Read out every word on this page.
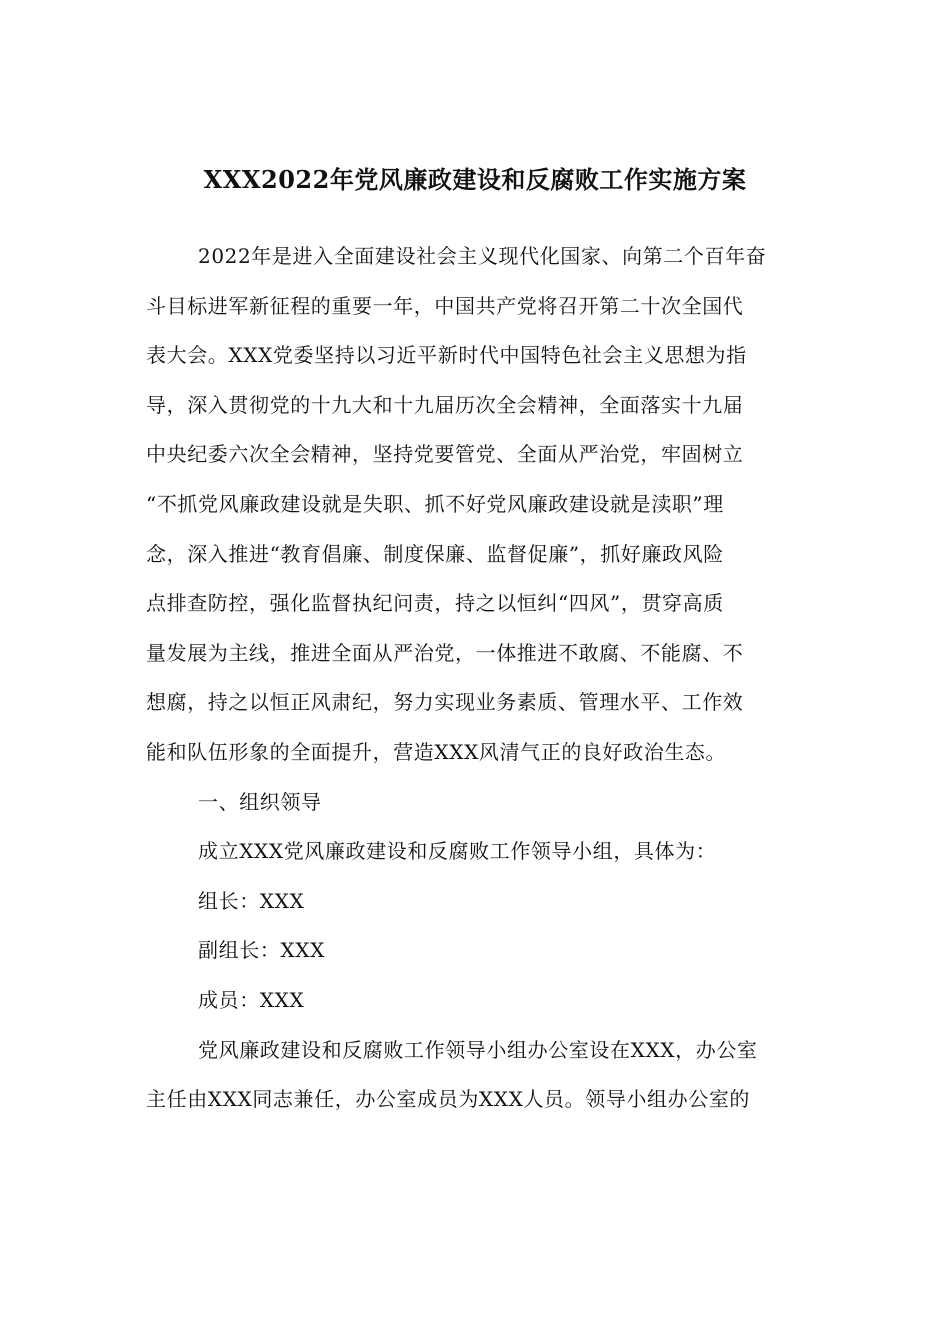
XXX2022年党风廉政建设和反腐败工作实施方案
2022年是进入全面建设社会主义现代化国家、向第二个百年奋
斗目标进军新征程的重要一年，中国共产党将召开第二十次全国代
表大会。XXX党委坚持以习近平新时代中国特色社会主义思想为指
导，深入贯彻党的十九大和十九届历次全会精神，全面落实十九届
中央纪委六次全会精神，坚持党要管党、全面从严治党，牢固树立
“不抓党风廉政建设就是失职、抓不好党风廉政建设就是渎职”理
念，深入推进“教育倡廉、制度保廉、监督促廉”，抓好廉政风险
点排查防控，强化监督执纪问责，持之以恒纠“四风”，贯穿高质
量发展为主线，推进全面从严治党，一体推进不敢腐、不能腐、不
想腐，持之以恒正风肃纪，努力实现业务素质、管理水平、工作效
能和队伍形象的全面提升，营造XXX风清气正的良好政治生态。
一、组织领导
成立XXX党风廉政建设和反腐败工作领导小组，具体为：
组长：XXX
副组长：XXX
成员：XXX
党风廉政建设和反腐败工作领导小组办公室设在XXX，办公室
主任由XXX同志兼任，办公室成员为XXX人员。领导小组办公室的
